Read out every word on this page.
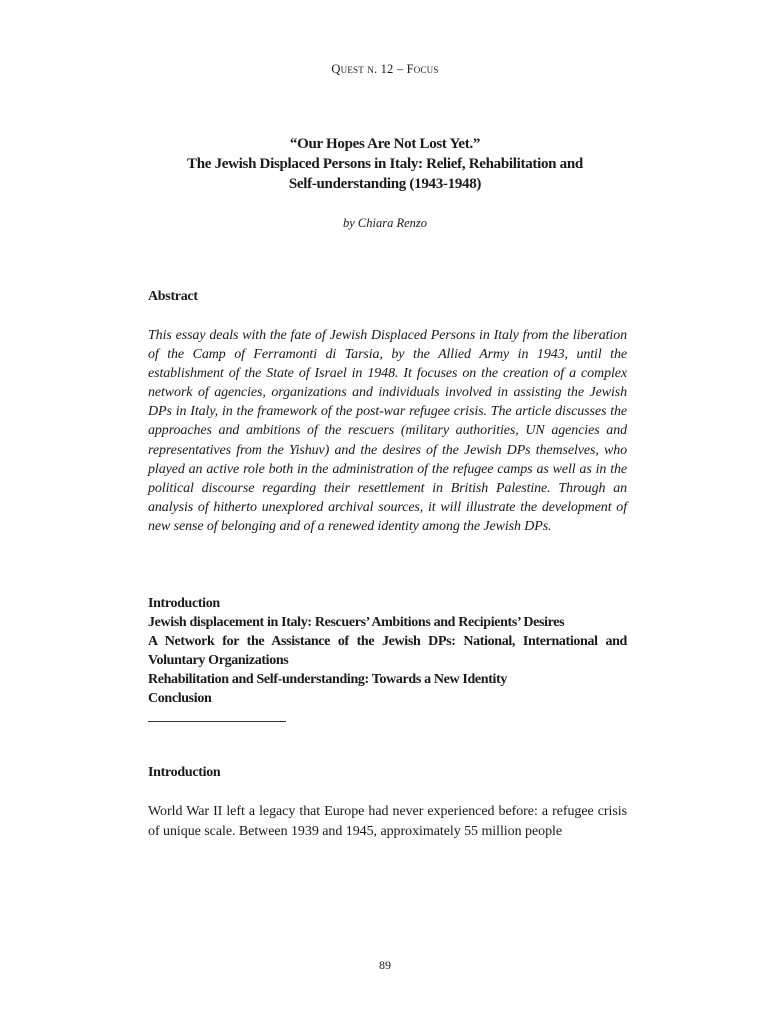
Quest n. 12 – Focus
“Our Hopes Are Not Lost Yet.”
The Jewish Displaced Persons in Italy: Relief, Rehabilitation and
Self-understanding (1943-1948)
by Chiara Renzo
Abstract
This essay deals with the fate of Jewish Displaced Persons in Italy from the liberation of the Camp of Ferramonti di Tarsia, by the Allied Army in 1943, until the establishment of the State of Israel in 1948. It focuses on the creation of a complex network of agencies, organizations and individuals involved in assisting the Jewish DPs in Italy, in the framework of the post-war refugee crisis. The article discusses the approaches and ambitions of the rescuers (military authorities, UN agencies and representatives from the Yishuv) and the desires of the Jewish DPs themselves, who played an active role both in the administration of the refugee camps as well as in the political discourse regarding their resettlement in British Palestine. Through an analysis of hitherto unexplored archival sources, it will illustrate the development of new sense of belonging and of a renewed identity among the Jewish DPs.
Introduction
Jewish displacement in Italy: Rescuers’ Ambitions and Recipients’ Desires
A Network for the Assistance of the Jewish DPs: National, International and Voluntary Organizations
Rehabilitation and Self-understanding: Towards a New Identity
Conclusion
Introduction
World War II left a legacy that Europe had never experienced before: a refugee crisis of unique scale. Between 1939 and 1945, approximately 55 million people
89
